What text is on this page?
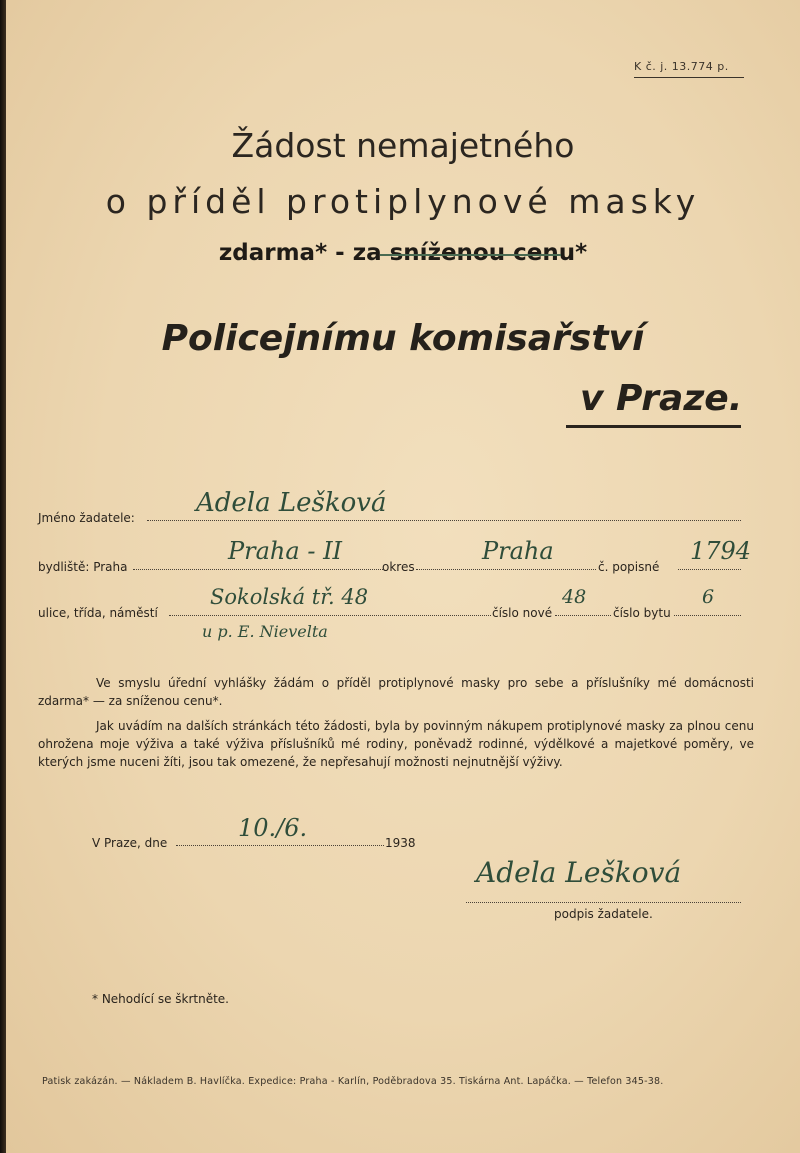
K č. j. 13.774 p.
Žádost nemajetného
o příděl protiplynové masky
zdarma* - za sníženou cenu*
Policejnímu komisařství
v Praze.
Jméno žadatele: Adela Lešková
bydliště: Praha
Praha - II
okres
Praha
č. popisné
1794
ulice, třída, náměstí
Sokolská tř. 48
číslo nové
48
číslo bytu
6
u p. E. Nievelta
Ve smyslu úřední vyhlášky žádám o příděl protiplynové masky pro sebe a příslušníky mé domácnosti zdarma* — za sníženou cenu*.
Jak uvádím na dalších stránkách této žádosti, byla by povinným nákupem protiplynové masky za plnou cenu ohrožena moje výživa a také výživa příslušníků mé rodiny, poněvadž rodinné, výdělkové a majetkové poměry, ve kterých jsme nuceni žíti, jsou tak omezené, že nepřesahují možnosti nejnutnější výživy.
V Praze, dne
10./6.
1938
Adela Lešková
podpis žadatele.
* Nehodící se škrtněte.
Patisk zakázán. — Nákladem B. Havlíčka. Expedice: Praha - Karlín, Poděbradova 35. Tiskárna Ant. Lapáčka. — Telefon 345-38.
